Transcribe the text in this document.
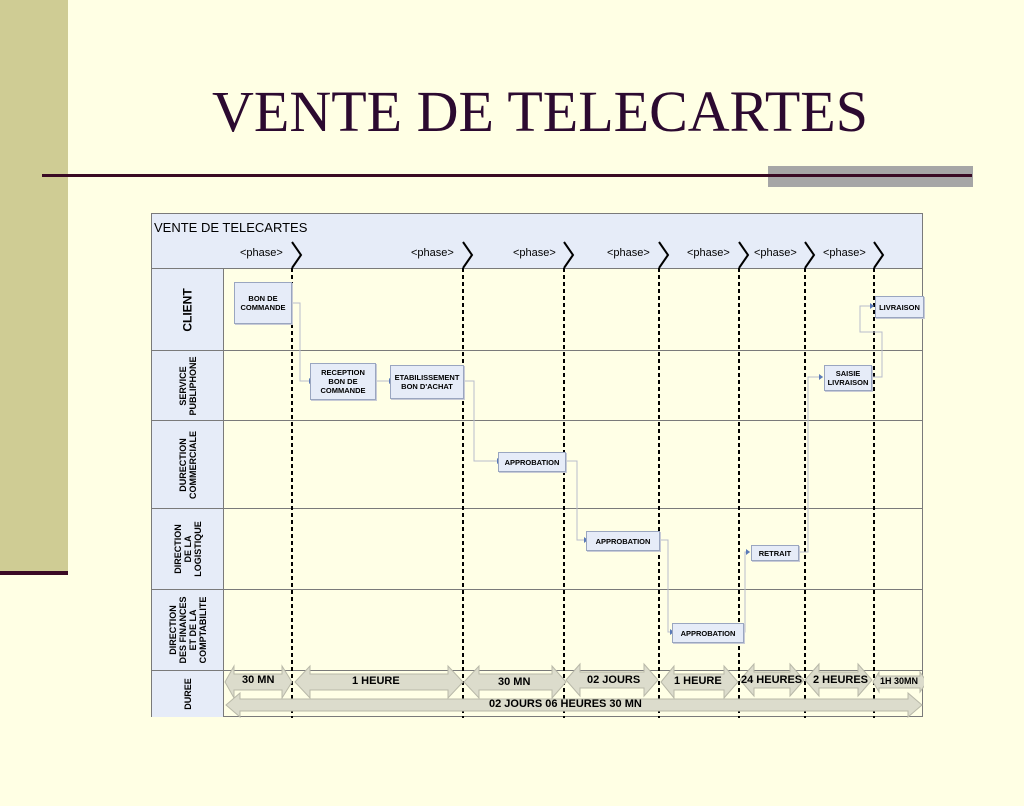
VENTE DE TELECARTES
VENTE DE TELECARTES
<phase>	<phase>	<phase>	<phase>	<phase> <phase> <phase>
CLIENT
SERVICE
PUBLIPHONE
DURECTION
COMMERCIALE
DIRECTION
DE LA
LOGISTIQUE
DIRECTION
DES FINANCES
ET DE LA
COMPTABILITE
DUREE
BON DE
COMMANDE
RECEPTION
BON DE
COMMANDE
ETABILISSEMENT
BON D'ACHAT
APPROBATION
APPROBATION
APPROBATION
RETRAIT
SAISIE
LIVRAISON
LIVRAISON
30 MN	1 HEURE	30 MN	02 JOURS	1 HEURE 24 HEURES 2 HEURES 1H 30MN
02 JOURS 06 HEURES 30 MN
